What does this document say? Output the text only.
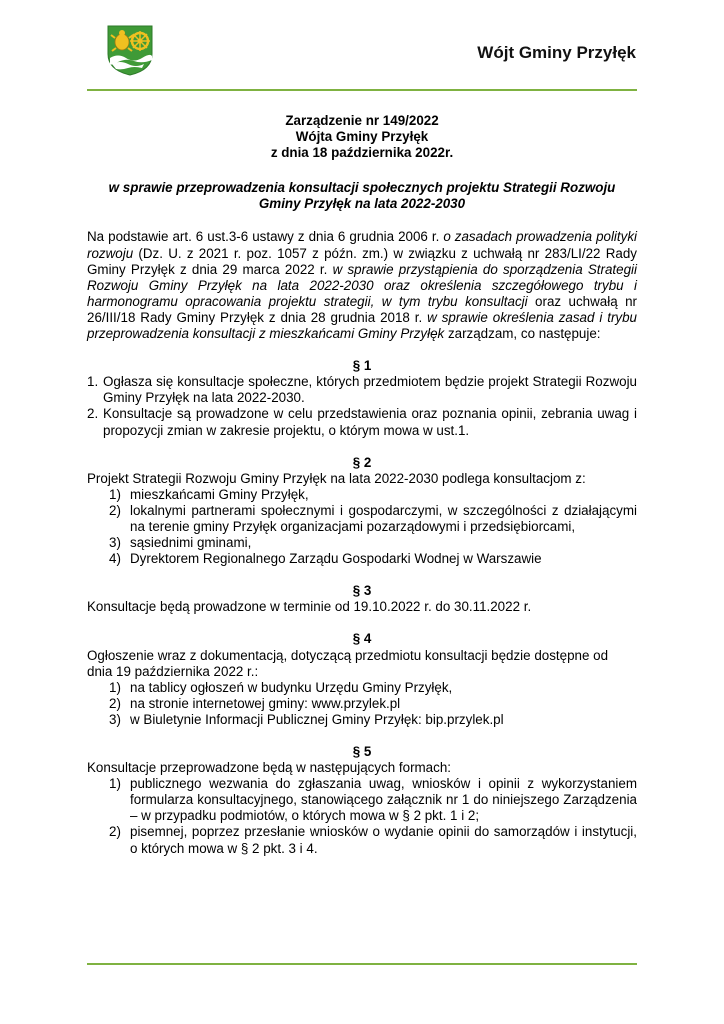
Wójt Gminy Przyłęk

Zarządzenie nr 149/2022

Wójta Gminy Przyłęk

z dnia 18 października 2022r.

w sprawie przeprowadzenia konsultacji społecznych projektu Strategii Rozwoju Gminy Przyłęk na lata 2022-2030
Na podstawie art. 6 ust.3-6 ustawy z dnia 6 grudnia 2006 r. o zasadach prowadzenia polityki rozwoju (Dz. U. z 2021 r. poz. 1057 z późn. zm.) w związku z uchwałą nr 283/LI/22 Rady Gminy Przyłęk z dnia 29 marca 2022 r. w sprawie przystąpienia do sporządzenia Strategii Rozwoju Gminy Przyłęk na lata 2022-2030 oraz określenia szczegółowego trybu i harmonogramu opracowania projektu strategii, w tym trybu konsultacji oraz uchwałą nr 26/III/18 Rady Gminy Przyłęk z dnia 28 grudnia 2018 r. w sprawie określenia zasad i trybu przeprowadzenia konsultacji z mieszkańcami Gminy Przyłęk zarządzam, co następuje:
§ 1
1. Ogłasza się konsultacje społeczne, których przedmiotem będzie projekt Strategii Rozwoju Gminy Przyłęk na lata 2022-2030.
2. Konsultacje są prowadzone w celu przedstawienia oraz poznania opinii, zebrania uwag i propozycji zmian w zakresie projektu, o którym mowa w ust.1.
§ 2

Projekt Strategii Rozwoju Gminy Przyłęk na lata 2022-2030 podlega konsultacjom z:

1) mieszkańcami Gminy Przyłęk,
2) lokalnymi partnerami społecznymi i gospodarczymi, w szczególności z działającymi na terenie gminy Przyłęk organizacjami pozarządowymi i przedsiębiorcami,
3) sąsiednimi gminami,
4) Dyrektorem Regionalnego Zarządu Gospodarki Wodnej w Warszawie
§ 3

Konsultacje będą prowadzone w terminie od 19.10.2022 r. do 30.11.2022 r.

§ 4

Ogłoszenie wraz z dokumentacją, dotyczącą przedmiotu konsultacji będzie dostępne od dnia 19 października 2022 r.:

1) na tablicy ogłoszeń w budynku Urzędu Gminy Przyłęk,
2) na stronie internetowej gminy: www.przylek.pl
3) w Biuletynie Informacji Publicznej Gminy Przyłęk: bip.przylek.pl
§ 5

Konsultacje przeprowadzone będą w następujących formach:

1) publicznego wezwania do zgłaszania uwag, wniosków i opinii z wykorzystaniem formularza konsultacyjnego, stanowiącego załącznik nr 1 do niniejszego Zarządzenia – w przypadku podmiotów, o których mowa w § 2 pkt. 1 i 2;
2) pisemnej, poprzez przesłanie wniosków o wydanie opinii do samorządów i instytucji, o których mowa w § 2 pkt. 3 i 4.
